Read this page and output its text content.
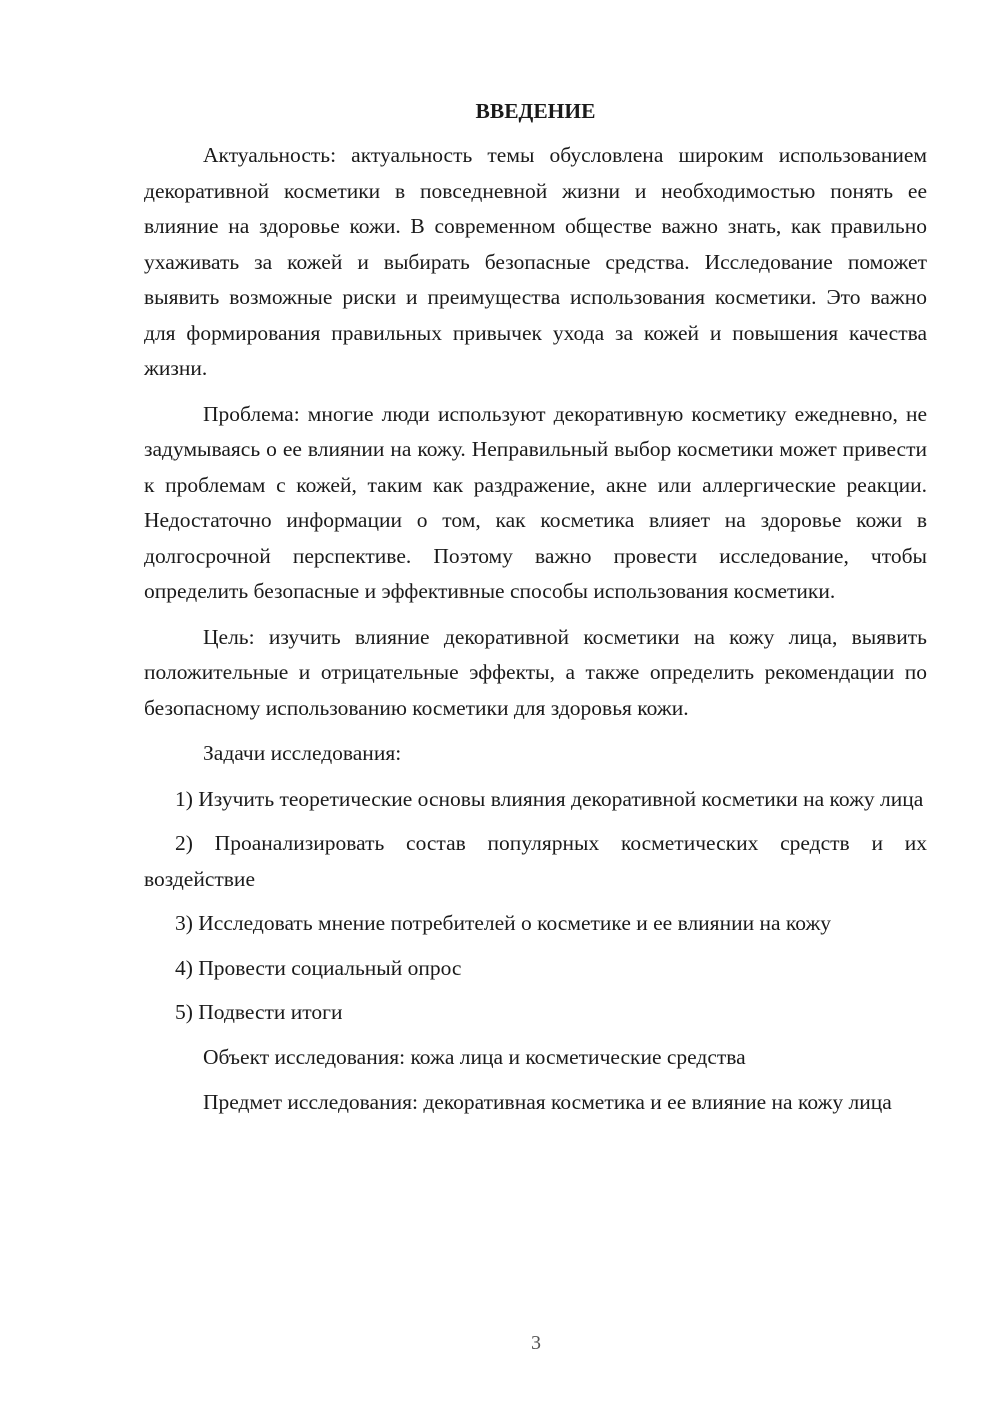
ВВЕДЕНИЕ

Актуальность: актуальность темы обусловлена широким использованием декоративной косметики в повседневной жизни и необходимостью понять ее влияние на здоровье кожи. В современном обществе важно знать, как правильно ухаживать за кожей и выбирать безопасные средства. Исследование поможет выявить возможные риски и преимущества использования косметики. Это важно для формирования правильных привычек ухода за кожей и повышения качества жизни.

Проблема: многие люди используют декоративную косметику ежедневно, не задумываясь о ее влиянии на кожу. Неправильный выбор косметики может привести к проблемам с кожей, таким как раздражение, акне или аллергические реакции. Недостаточно информации о том, как косметика влияет на здоровье кожи в долгосрочной перспективе. Поэтому важно провести исследование, чтобы определить безопасные и эффективные способы использования косметики.

Цель: изучить влияние декоративной косметики на кожу лица, выявить положительные и отрицательные эффекты, а также определить рекомендации по безопасному использованию косметики для здоровья кожи.

Задачи исследования:

1) Изучить теоретические основы влияния декоративной косметики на кожу лица

2) Проанализировать состав популярных косметических средств и их воздействие

3) Исследовать мнение потребителей о косметике и ее влиянии на кожу

4) Провести социальный опрос

5) Подвести итоги

Объект исследования: кожа лица и косметические средства

Предмет исследования: декоративная косметика и ее влияние на кожу лица

3
